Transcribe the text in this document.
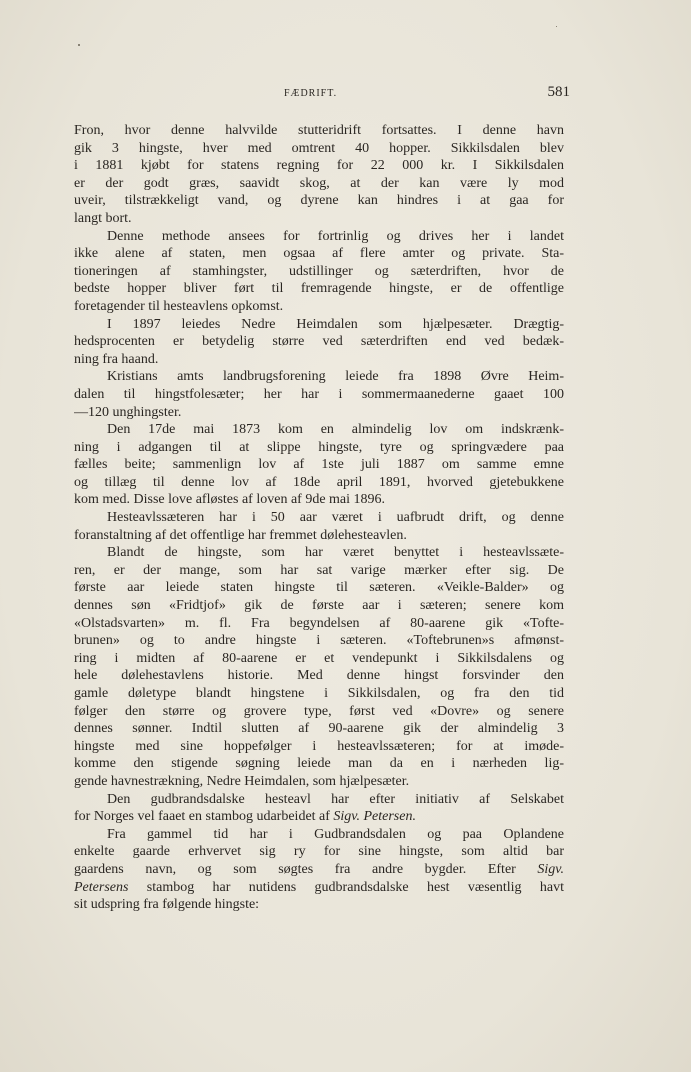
FÆDRIFT.	581
Fron, hvor denne halvvilde stutteridrift fortsattes. I denne havn
gik 3 hingste, hver med omtrent 40 hopper. Sikkilsdalen blev
i 1881 kjøbt for statens regning for 22 000 kr. I Sikkilsdalen
er der godt græs, saavidt skog, at der kan være ly mod
uveir, tilstrækkeligt vand, og dyrene kan hindres i at gaa for
langt bort.
Denne methode ansees for fortrinlig og drives her i landet
ikke alene af staten, men ogsaa af flere amter og private. Sta-
tioneringen af stamhingster, udstillinger og sæterdriften, hvor de
bedste hopper bliver ført til fremragende hingste, er de offentlige
foretagender til hesteavlens opkomst.
I 1897 leiedes Nedre Heimdalen som hjælpesæter. Drægtig-
hedsprocenten er betydelig større ved sæterdriften end ved bedæk-
ning fra haand.
Kristians amts landbrugsforening leiede fra 1898 Øvre Heim-
dalen til hingstfolesæter; her har i sommermaanederne gaaet 100
—120 unghingster.
Den 17de mai 1873 kom en almindelig lov om indskrænk-
ning i adgangen til at slippe hingste, tyre og springvædere paa
fælles beite; sammenlign lov af 1ste juli 1887 om samme emne
og tillæg til denne lov af 18de april 1891, hvorved gjetebukkene
kom med. Disse love afløstes af loven af 9de mai 1896.
Hesteavlssæteren har i 50 aar været i uafbrudt drift, og denne
foranstaltning af det offentlige har fremmet dølehesteavlen.
Blandt de hingste, som har været benyttet i hesteavlssæte-
ren, er der mange, som har sat varige mærker efter sig. De
første aar leiede staten hingste til sæteren. «Veikle-Balder» og
dennes søn «Fridtjof» gik de første aar i sæteren; senere kom
«Olstadsvarten» m. fl. Fra begyndelsen af 80-aarene gik «Tofte-
brunen» og to andre hingste i sæteren. «Toftebrunen»s afmønst-
ring i midten af 80-aarene er et vendepunkt i Sikkilsdalens og
hele dølehestavlens historie. Med denne hingst forsvinder den
gamle døletype blandt hingstene i Sikkilsdalen, og fra den tid
følger den større og grovere type, først ved «Dovre» og senere
dennes sønner. Indtil slutten af 90-aarene gik der almindelig 3
hingste med sine hoppefølger i hesteavlssæteren; for at imøde-
komme den stigende søgning leiede man da en i nærheden lig-
gende havnestrækning, Nedre Heimdalen, som hjælpesæter.
Den gudbrandsdalske hesteavl har efter initiativ af Selskabet
for Norges vel faaet en stambog udarbeidet af Sigv. Petersen.
Fra gammel tid har i Gudbrandsdalen og paa Oplandene
enkelte gaarde erhvervet sig ry for sine hingste, som altid bar
gaardens navn, og som søgtes fra andre bygder. Efter Sigv.
Petersens stambog har nutidens gudbrandsdalske hest væsentlig havt
sit udspring fra følgende hingste:
